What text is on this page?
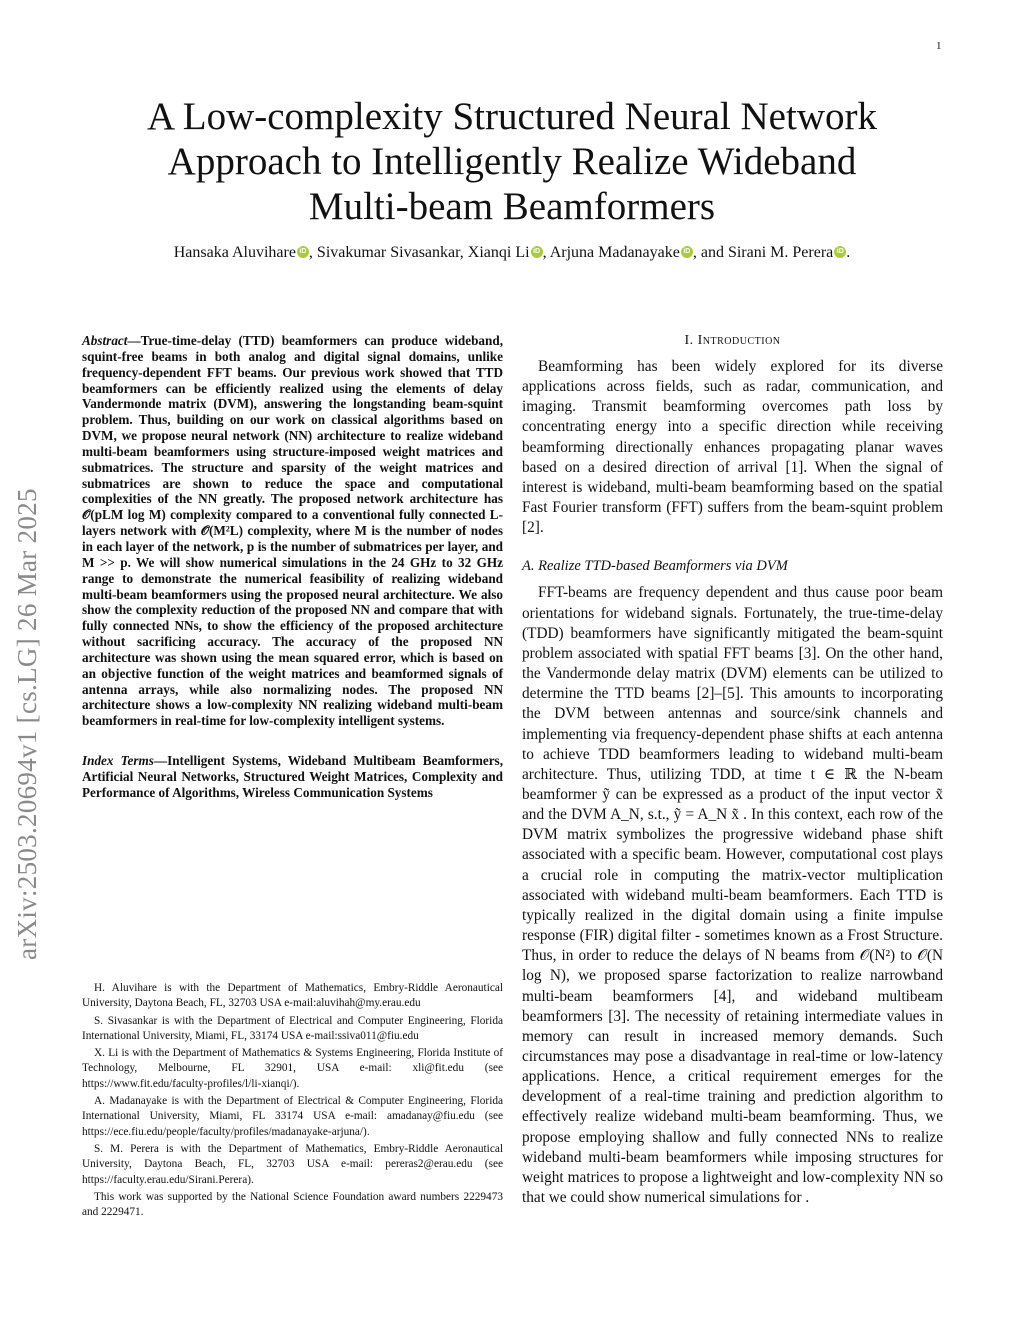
1
arXiv:2503.20694v1 [cs.LG] 26 Mar 2025
A Low-complexity Structured Neural Network
Approach to Intelligently Realize Wideband
Multi-beam Beamformers
Hansaka Aluvihare iD , Sivakumar Sivasankar, Xianqi Li iD , Arjuna Madanayake iD , and Sirani M. Perera iD .

Abstract—True-time-delay (TTD) beamformers can produce wideband, squint-free beams in both analog and digital signal domains, unlike frequency-dependent FFT beams. Our previous work showed that TTD beamformers can be efficiently realized using the elements of delay Vandermonde matrix (DVM), answering the longstanding beam-squint problem. Thus, building on our work on classical algorithms based on DVM, we propose neural network (NN) architecture to realize wideband multi-beam beamformers using structure-imposed weight matrices and submatrices. The structure and sparsity of the weight matrices and submatrices are shown to reduce the space and computational complexities of the NN greatly. The proposed network architecture has 𝒪(pLM log M) complexity compared to a conventional fully connected L-layers network with 𝒪(M²L) complexity, where M is the number of nodes in each layer of the network, p is the number of submatrices per layer, and M >> p. We will show numerical simulations in the 24 GHz to 32 GHz range to demonstrate the numerical feasibility of realizing wideband multi-beam beamformers using the proposed neural architecture. We also show the complexity reduction of the proposed NN and compare that with fully connected NNs, to show the efficiency of the proposed architecture without sacrificing accuracy. The accuracy of the proposed NN architecture was shown using the mean squared error, which is based on an objective function of the weight matrices and beamformed signals of antenna arrays, while also normalizing nodes. The proposed NN architecture shows a low-complexity NN realizing wideband multi-beam beamformers in real-time for low-complexity intelligent systems.

Index Terms—Intelligent Systems, Wideband Multibeam Beamformers, Artificial Neural Networks, Structured Weight Matrices, Complexity and Performance of Algorithms, Wireless Communication Systems

H. Aluvihare is with the Department of Mathematics, Embry-Riddle Aeronautical University, Daytona Beach, FL, 32703 USA e-mail:aluvihah@my.erau.edu

S. Sivasankar is with the Department of Electrical and Computer Engineering, Florida International University, Miami, FL, 33174 USA e-mail:ssiva011@fiu.edu

X. Li is with the Department of Mathematics & Systems Engineering, Florida Institute of Technology, Melbourne, FL 32901, USA e-mail: xli@fit.edu (see https://www.fit.edu/faculty-profiles/l/li-xianqi/).

A. Madanayake is with the Department of Electrical & Computer Engineering, Florida International University, Miami, FL 33174 USA e-mail: amadanay@fiu.edu (see https://ece.fiu.edu/people/faculty/profiles/madanayake-arjuna/).

S. M. Perera is with the Department of Mathematics, Embry-Riddle Aeronautical University, Daytona Beach, FL, 32703 USA e-mail: pereras2@erau.edu (see https://faculty.erau.edu/Sirani.Perera).

This work was supported by the National Science Foundation award numbers 2229473 and 2229471.

I. Introduction

Beamforming has been widely explored for its diverse applications across fields, such as radar, communication, and imaging. Transmit beamforming overcomes path loss by concentrating energy into a specific direction while receiving beamforming directionally enhances propagating planar waves based on a desired direction of arrival [1]. When the signal of interest is wideband, multi-beam beamforming based on the spatial Fast Fourier transform (FFT) suffers from the beam-squint problem [2].

A. Realize TTD-based Beamformers via DVM

FFT-beams are frequency dependent and thus cause poor beam orientations for wideband signals. Fortunately, the true-time-delay (TDD) beamformers have significantly mitigated the beam-squint problem associated with spatial FFT beams [3]. On the other hand, the Vandermonde delay matrix (DVM) elements can be utilized to determine the TTD beams [2]–[5]. This amounts to incorporating the DVM between antennas and source/sink channels and implementing via frequency-dependent phase shifts at each antenna to achieve TDD beamformers leading to wideband multi-beam architecture. Thus, utilizing TDD, at time t ∈ ℝ the N-beam beamformer ỹ can be expressed as a product of the input vector x̃ and the DVM A_N, s.t., ỹ = A_N x̃ . In this context, each row of the DVM matrix symbolizes the progressive wideband phase shift associated with a specific beam. However, computational cost plays a crucial role in computing the matrix-vector multiplication associated with wideband multi-beam beamformers. Each TTD is typically realized in the digital domain using a finite impulse response (FIR) digital filter - sometimes known as a Frost Structure. Thus, in order to reduce the delays of N beams from 𝒪(N²) to 𝒪(N log N), we proposed sparse factorization to realize narrowband multi-beam beamformers [4], and wideband multibeam beamformers [3]. The necessity of retaining intermediate values in memory can result in increased memory demands. Such circumstances may pose a disadvantage in real-time or low-latency applications. Hence, a critical requirement emerges for the development of a real-time training and prediction algorithm to effectively realize wideband multi-beam beamforming. Thus, we propose employing shallow and fully connected NNs to realize wideband multi-beam beamformers while imposing structures for weight matrices to propose a lightweight and low-complexity NN so that we could show numerical simulations for .
